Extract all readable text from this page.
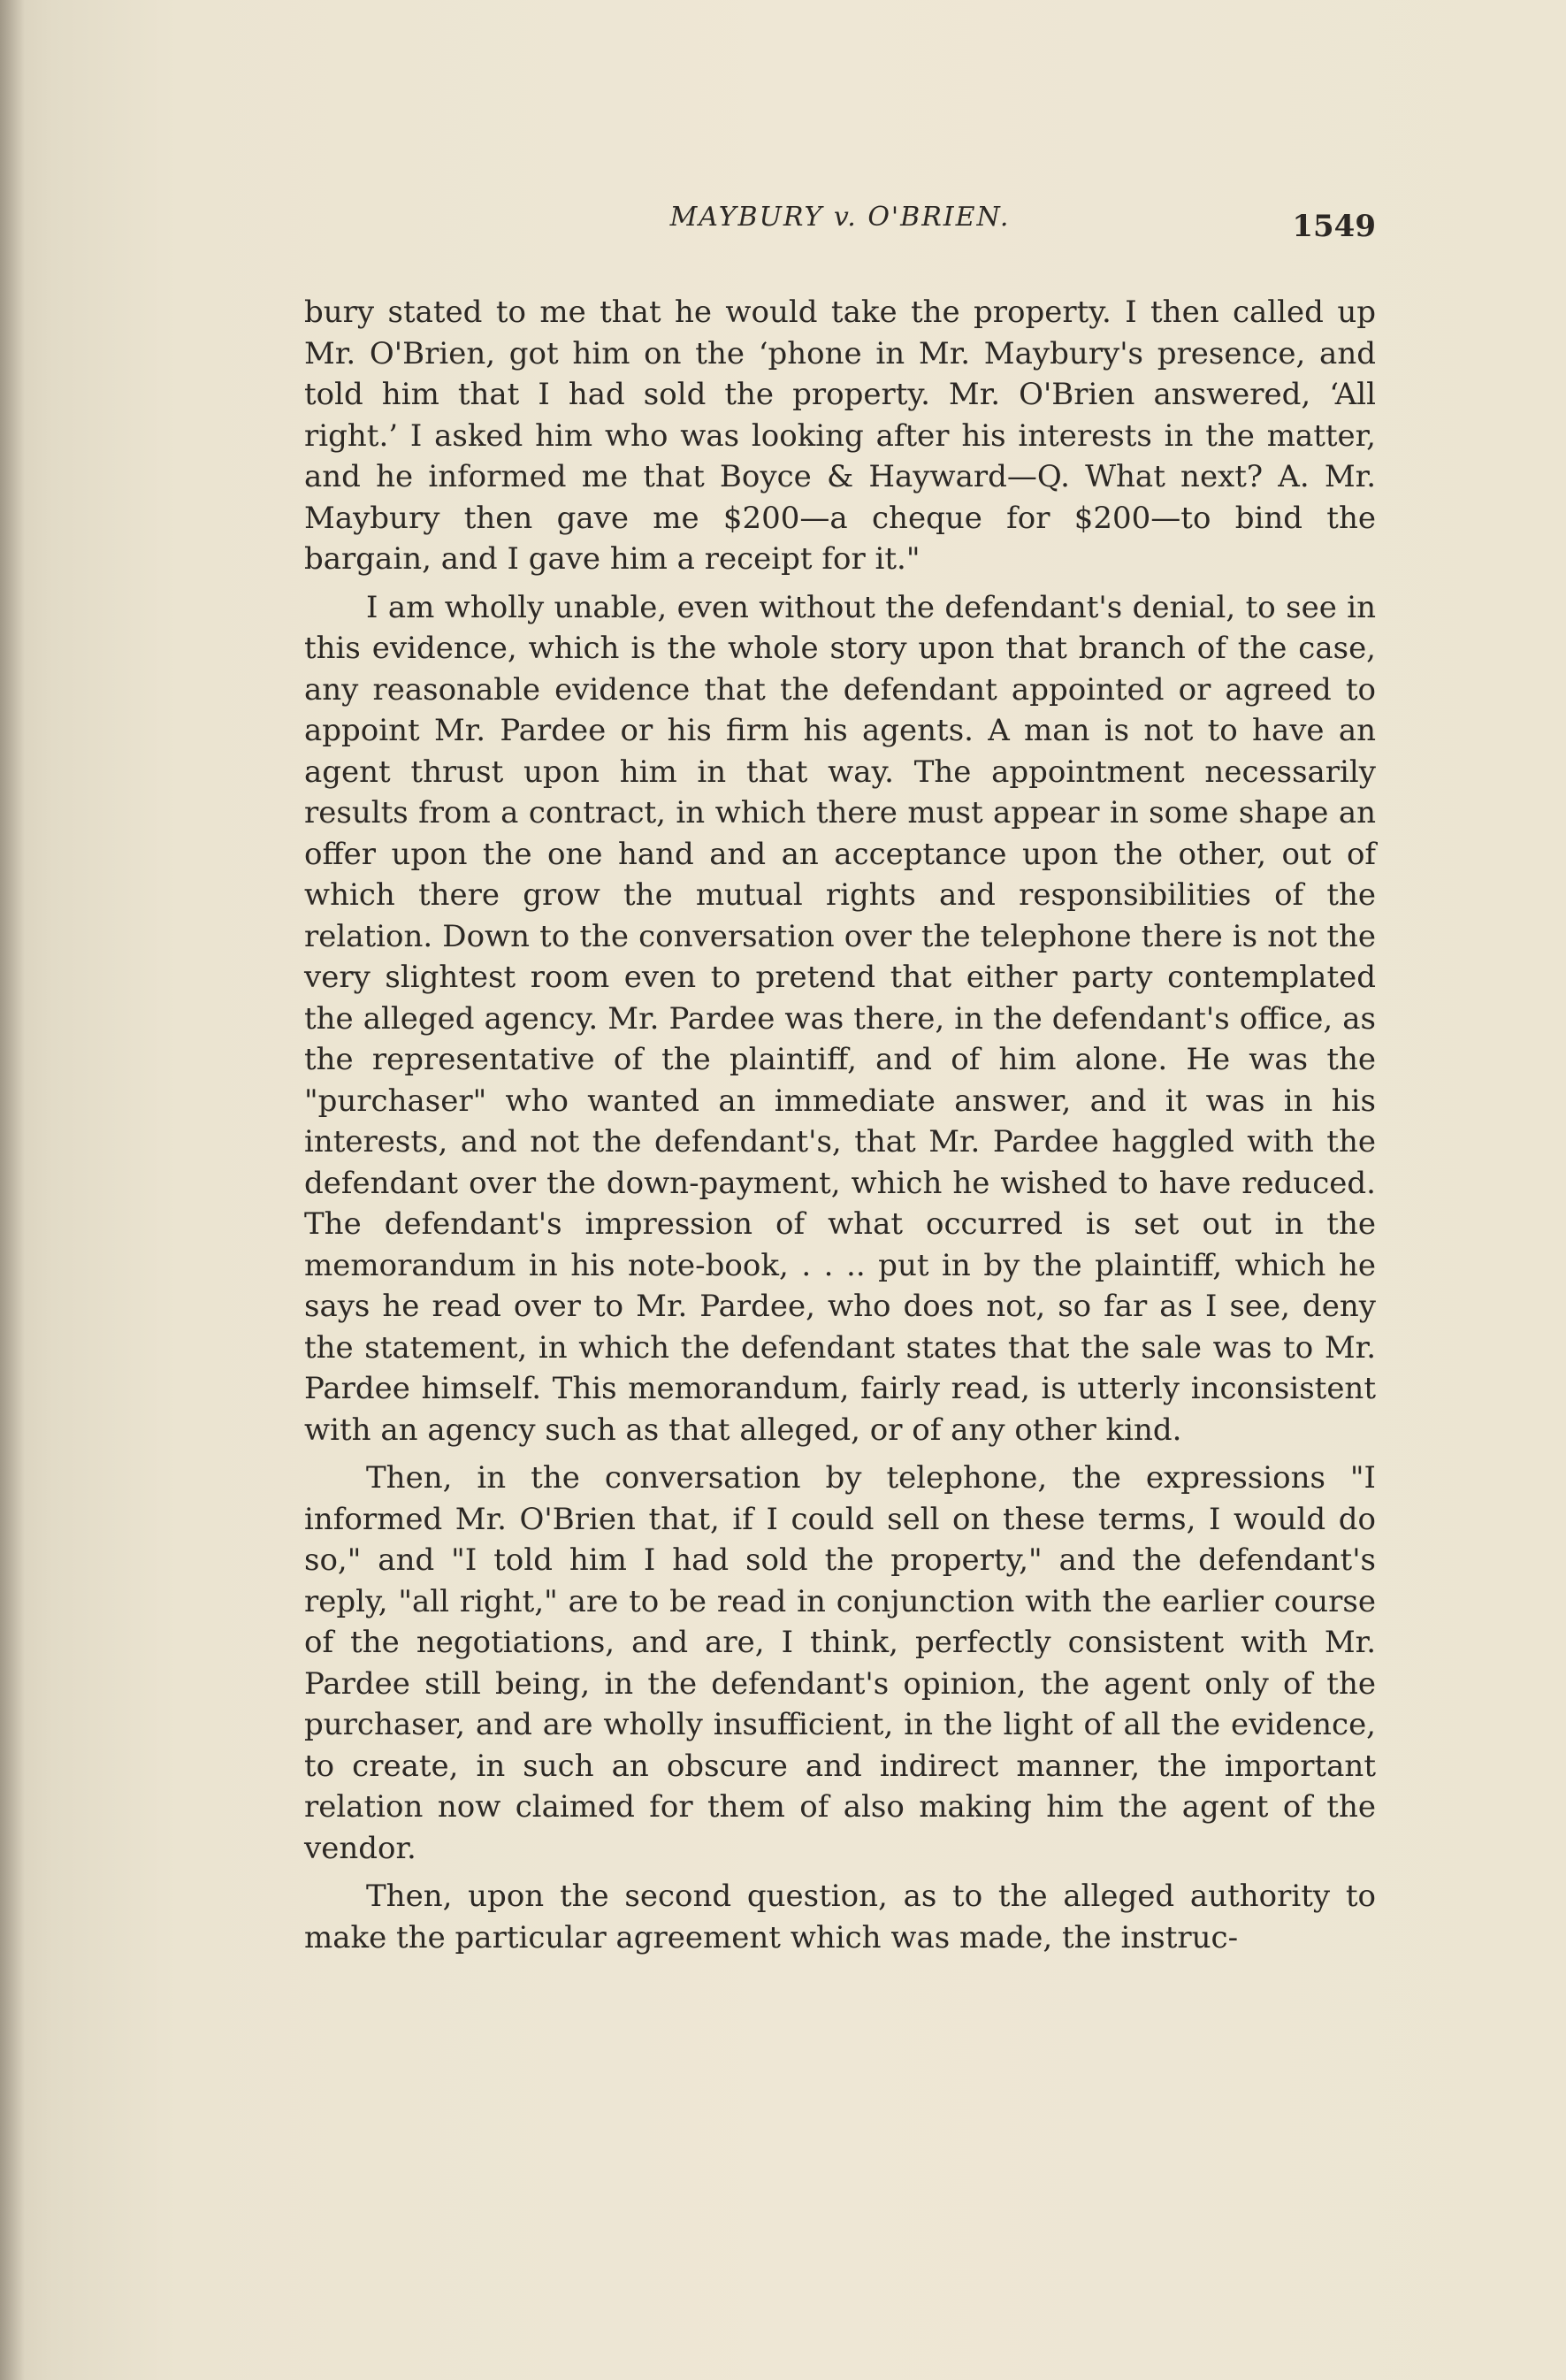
MAYBURY v. O'BRIEN.	1549

bury stated to me that he would take the property. I then called up Mr. O'Brien, got him on the ‘phone in Mr. Maybury's presence, and told him that I had sold the property. Mr. O'Brien answered, ‘All right.’ I asked him who was looking after his interests in the matter, and he informed me that Boyce & Hayward—Q. What next? A. Mr. Maybury then gave me $200—a cheque for $200—to bind the bargain, and I gave him a receipt for it."

I am wholly unable, even without the defendant's denial, to see in this evidence, which is the whole story upon that branch of the case, any reasonable evidence that the defendant appointed or agreed to appoint Mr. Pardee or his firm his agents. A man is not to have an agent thrust upon him in that way. The appointment necessarily results from a contract, in which there must appear in some shape an offer upon the one hand and an acceptance upon the other, out of which there grow the mutual rights and responsibilities of the relation. Down to the conversation over the telephone there is not the very slightest room even to pretend that either party contemplated the alleged agency. Mr. Pardee was there, in the defendant's office, as the representative of the plaintiff, and of him alone. He was the "purchaser" who wanted an immediate answer, and it was in his interests, and not the defendant's, that Mr. Pardee haggled with the defendant over the down-payment, which he wished to have reduced. The defendant's impression of what occurred is set out in the memorandum in his note-book, . . .. put in by the plaintiff, which he says he read over to Mr. Pardee, who does not, so far as I see, deny the statement, in which the defendant states that the sale was to Mr. Pardee himself. This memorandum, fairly read, is utterly inconsistent with an agency such as that alleged, or of any other kind.

Then, in the conversation by telephone, the expressions "I informed Mr. O'Brien that, if I could sell on these terms, I would do so," and "I told him I had sold the property," and the defendant's reply, "all right," are to be read in conjunction with the earlier course of the negotiations, and are, I think, perfectly consistent with Mr. Pardee still being, in the defendant's opinion, the agent only of the purchaser, and are wholly insufficient, in the light of all the evidence, to create, in such an obscure and indirect manner, the important relation now claimed for them of also making him the agent of the vendor.

Then, upon the second question, as to the alleged authority to make the particular agreement which was made, the instruc-
